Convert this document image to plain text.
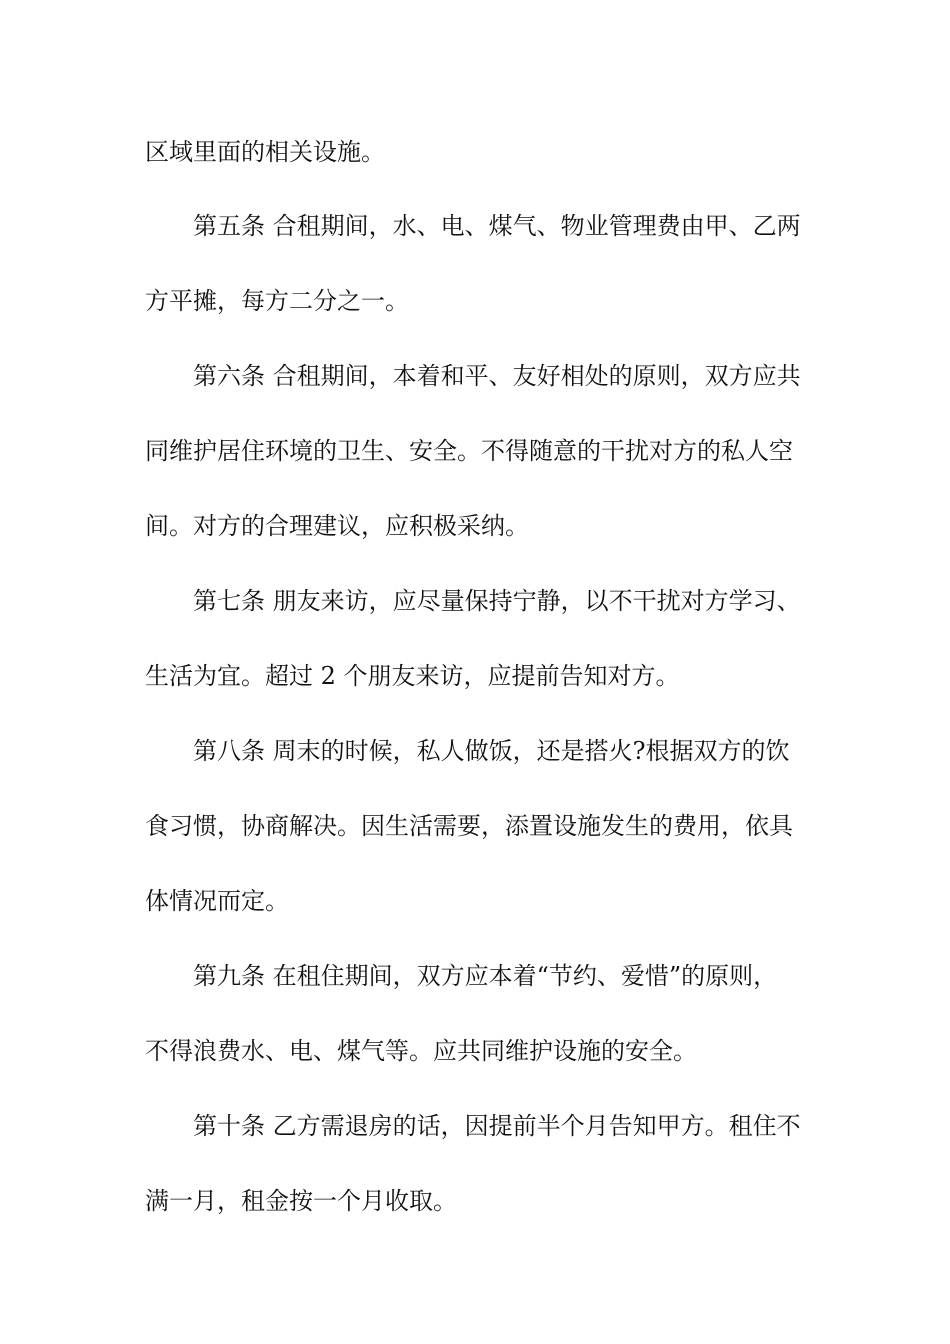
区域里面的相关设施。

第五条 合租期间，水、电、煤气、物业管理费由甲、乙两

方平摊，每方二分之一。

第六条 合租期间，本着和平、友好相处的原则，双方应共

同维护居住环境的卫生、安全。不得随意的干扰对方的私人空

间。对方的合理建议，应积极采纳。

第七条 朋友来访，应尽量保持宁静，以不干扰对方学习、

生活为宜。超过 2 个朋友来访，应提前告知对方。

第八条 周末的时候，私人做饭，还是搭火?根据双方的饮

食习惯，协商解决。因生活需要，添置设施发生的费用，依具

体情况而定。

第九条 在租住期间，双方应本着“节约、爱惜”的原则，

不得浪费水、电、煤气等。应共同维护设施的安全。

第十条 乙方需退房的话，因提前半个月告知甲方。租住不

满一月，租金按一个月收取。
